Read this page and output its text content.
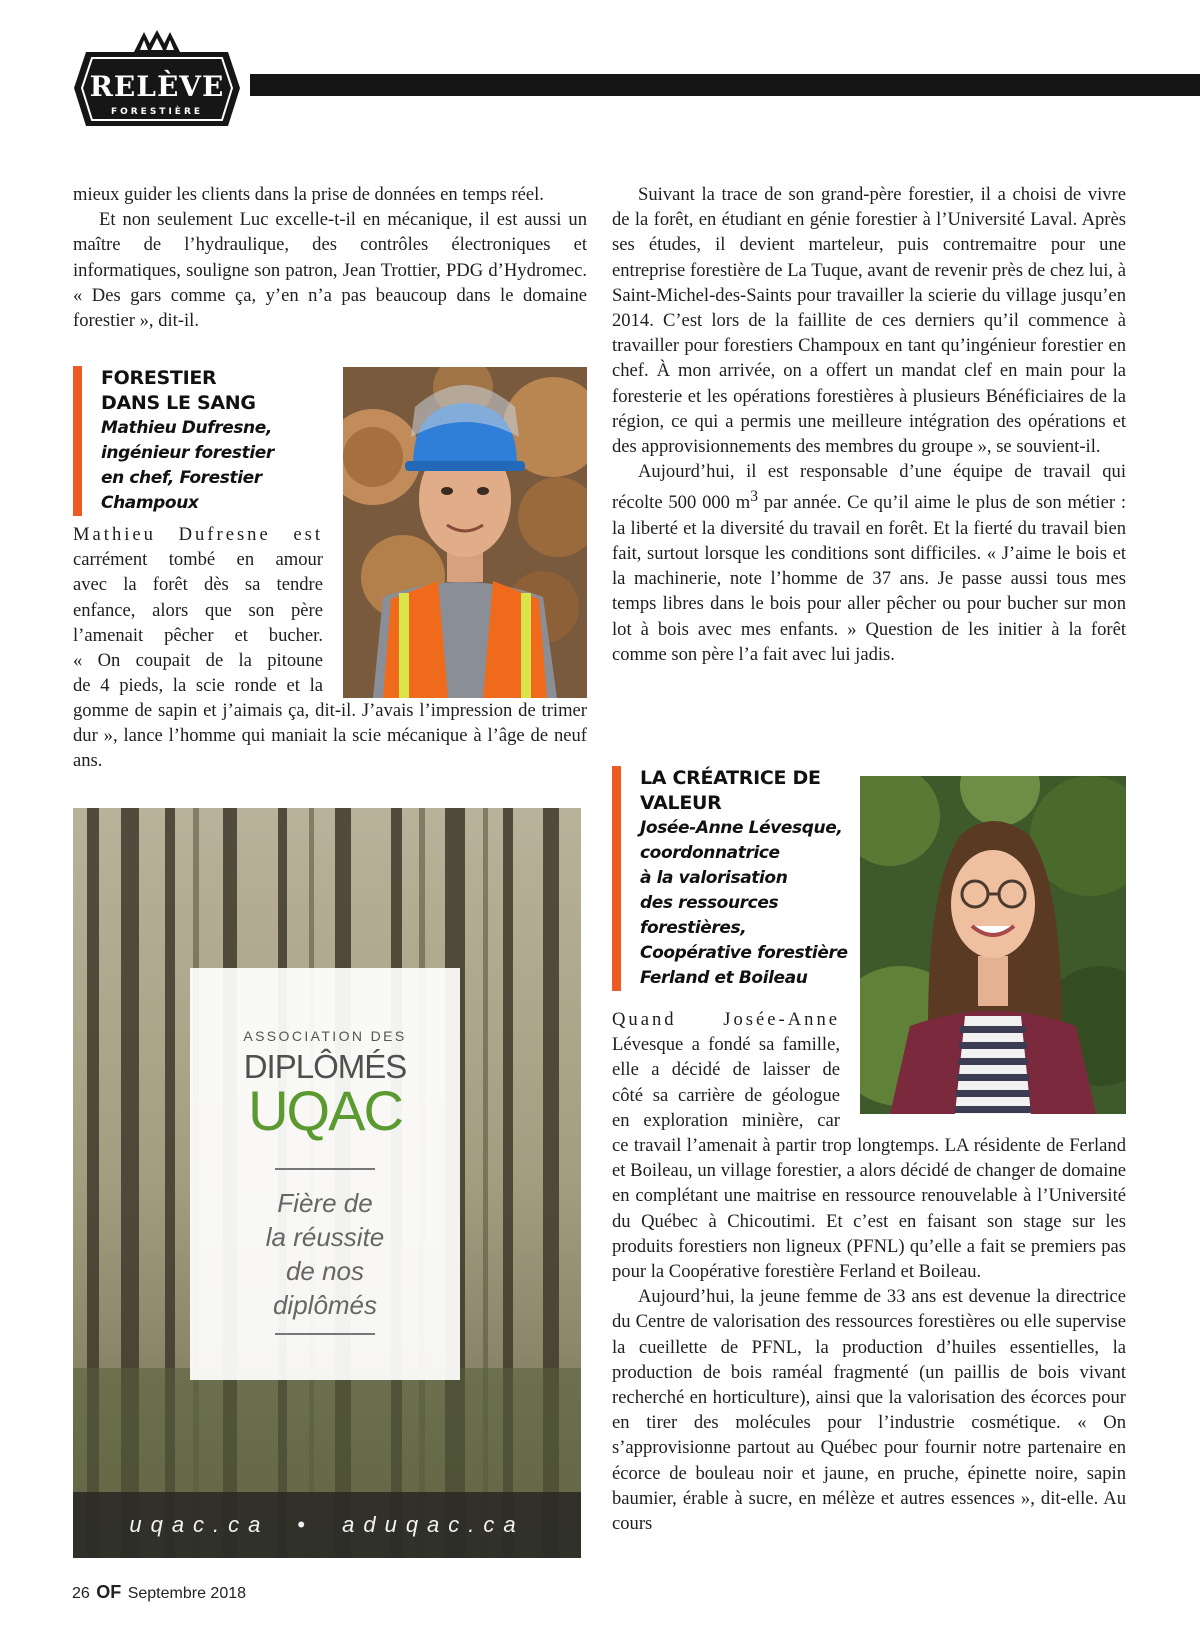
RELÈVE
FORESTIÈRE

mieux guider les clients dans la prise de données en temps réel.

Et non seulement Luc excelle-t-il en mécanique, il est aussi un maître de l’hydraulique, des contrôles électroniques et informatiques, souligne son patron, Jean Trottier, PDG d’Hydromec. « Des gars comme ça, y’en n’a pas beaucoup dans le domaine forestier », dit-il.

FORESTIER
DANS LE SANG
Mathieu Dufresne,
ingénieur forestier
en chef, Forestier
Champoux
Mathieu Dufresne est
carrément tombé en amour
avec la forêt dès sa tendre
enfance, alors que son père
l’amenait pêcher et bucher.
« On coupait de la pitoune
de 4 pieds, la scie ronde et la

gomme de sapin et j’aimais ça, dit-il. J’avais l’impression de trimer dur », lance l’homme qui maniait la scie mécanique à l’âge de neuf ans.

ASSOCIATION DES
DIPLÔMÉS
UQAC
Fière de
la réussite
de nos
diplômés
uqac.ca • aduqac.ca

Suivant la trace de son grand-père forestier, il a choisi de vivre de la forêt, en étudiant en génie forestier à l’Université Laval. Après ses études, il devient marteleur, puis contremaitre pour une entreprise forestière de La Tuque, avant de revenir près de chez lui, à Saint-Michel-des-Saints pour travailler la scierie du village jusqu’en 2014. C’est lors de la faillite de ces derniers qu’il commence à travailler pour forestiers Champoux en tant qu’ingénieur forestier en chef. À mon arrivée, on a offert un mandat clef en main pour la foresterie et les opérations forestières à plusieurs Bénéficiaires de la région, ce qui a permis une meilleure intégration des opérations et des approvisionnements des membres du groupe », se souvient-il.

Aujourd’hui, il est responsable d’une équipe de travail qui récolte 500 000 $m^3$ par année. Ce qu’il aime le plus de son métier : la liberté et la diversité du travail en forêt. Et la fierté du travail bien fait, surtout lorsque les conditions sont difficiles. « J’aime le bois et la machinerie, note l’homme de 37 ans. Je passe aussi tous mes temps libres dans le bois pour aller pêcher ou pour bucher sur mon lot à bois avec mes enfants. » Question de les initier à la forêt comme son père l’a fait avec lui jadis.

LA CRÉATRICE DE
VALEUR
Josée-Anne Lévesque,
coordonnatrice
à la valorisation
des ressources
forestières,
Coopérative forestière
Ferland et Boileau
Quand Josée-Anne
Lévesque a fondé sa famille,
elle a décidé de laisser de
côté sa carrière de géologue
en exploration minière, car

ce travail l’amenait à partir trop longtemps. LA résidente de Ferland et Boileau, un village forestier, a alors décidé de changer de domaine en complétant une maitrise en ressource renouvelable à l’Université du Québec à Chicoutimi. Et c’est en faisant son stage sur les produits forestiers non ligneux (PFNL) qu’elle a fait se premiers pas pour la Coopérative forestière Ferland et Boileau.

Aujourd’hui, la jeune femme de 33 ans est devenue la directrice du Centre de valorisation des ressources forestières ou elle supervise la cueillette de PFNL, la production d’huiles essentielles, la production de bois raméal fragmenté (un paillis de bois vivant recherché en horticulture), ainsi que la valorisation des écorces pour en tirer des molécules pour l’industrie cosmétique. « On s’approvisionne partout au Québec pour fournir notre partenaire en écorce de bouleau noir et jaune, en pruche, épinette noire, sapin baumier, érable à sucre, en mélèze et autres essences », dit-elle. Au cours

26 OF Septembre 2018
